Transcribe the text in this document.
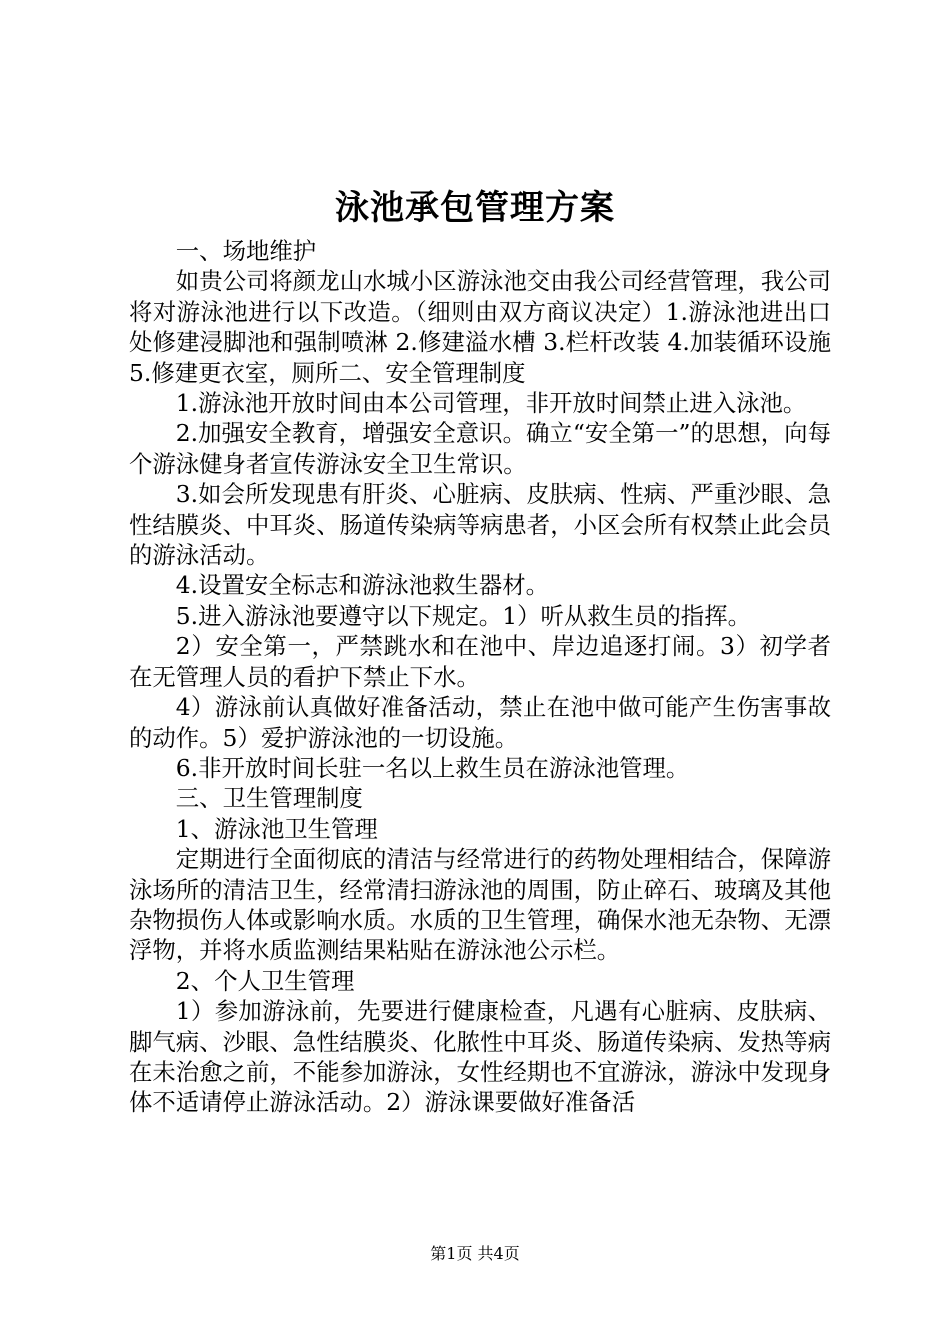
泳池承包管理方案

一、场地维护

如贵公司将颜龙山水城小区游泳池交由我公司经营管理，我公司将对游泳池进行以下改造。（细则由双方商议决定）1.游泳池进出口处修建浸脚池和强制喷淋 2.修建溢水槽 3.栏杆改装 4.加装循环设施 5.修建更衣室，厕所二、安全管理制度

1.游泳池开放时间由本公司管理，非开放时间禁止进入泳池。

2.加强安全教育，增强安全意识。确立“安全第一”的思想，向每个游泳健身者宣传游泳安全卫生常识。

3.如会所发现患有肝炎、心脏病、皮肤病、性病、严重沙眼、急性结膜炎、中耳炎、肠道传染病等病患者，小区会所有权禁止此会员的游泳活动。

4.设置安全标志和游泳池救生器材。

5.进入游泳池要遵守以下规定。1）听从救生员的指挥。

2）安全第一，严禁跳水和在池中、岸边追逐打闹。3）初学者在无管理人员的看护下禁止下水。

4）游泳前认真做好准备活动，禁止在池中做可能产生伤害事故的动作。5）爱护游泳池的一切设施。

6.非开放时间长驻一名以上救生员在游泳池管理。

三、卫生管理制度

1、游泳池卫生管理

定期进行全面彻底的清洁与经常进行的药物处理相结合，保障游泳场所的清洁卫生，经常清扫游泳池的周围，防止碎石、玻璃及其他杂物损伤人体或影响水质。水质的卫生管理，确保水池无杂物、无漂浮物，并将水质监测结果粘贴在游泳池公示栏。

2、个人卫生管理

1）参加游泳前，先要进行健康检查，凡遇有心脏病、皮肤病、脚气病、沙眼、急性结膜炎、化脓性中耳炎、肠道传染病、发热等病在未治愈之前，不能参加游泳，女性经期也不宜游泳，游泳中发现身体不适请停止游泳活动。2）游泳课要做好准备活

第1页 共4页
